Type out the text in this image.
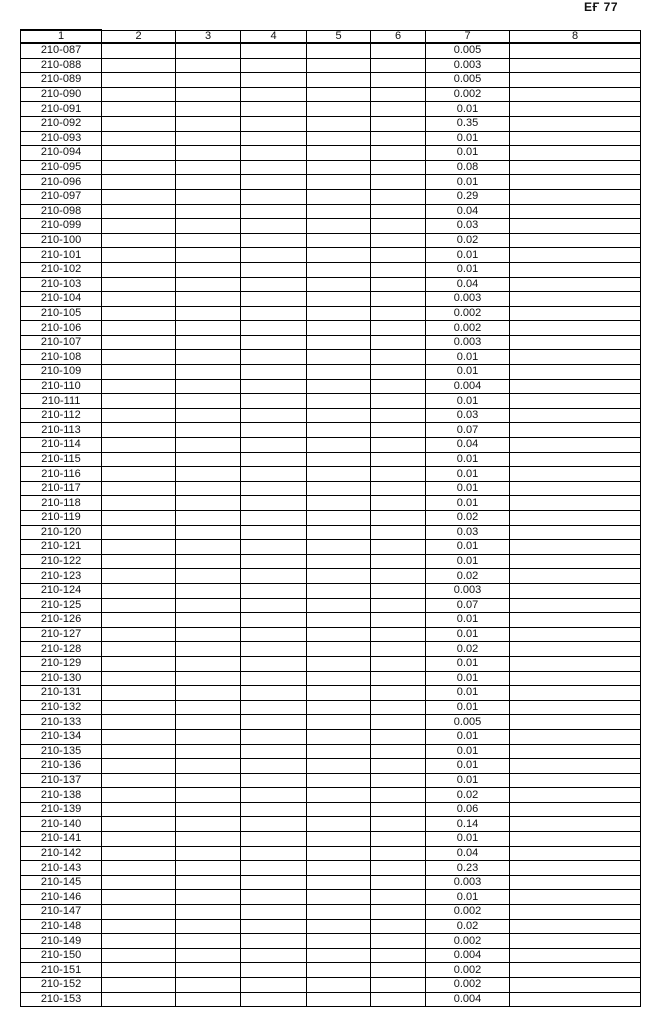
ЕҒ 77
1	2	3	4	5	6	7	8
210-087						0.005	
210-088						0.003	
210-089						0.005	
210-090						0.002	
210-091						0.01	
210-092						0.35	
210-093						0.01	
210-094						0.01	
210-095						0.08	
210-096						0.01	
210-097						0.29	
210-098						0.04	
210-099						0.03	
210-100						0.02	
210-101						0.01	
210-102						0.01	
210-103						0.04	
210-104						0.003	
210-105						0.002	
210-106						0.002	
210-107						0.003	
210-108						0.01	
210-109						0.01	
210-110						0.004	
210-111						0.01	
210-112						0.03	
210-113						0.07	
210-114						0.04	
210-115						0.01	
210-116						0.01	
210-117						0.01	
210-118						0.01	
210-119						0.02	
210-120						0.03	
210-121						0.01	
210-122						0.01	
210-123						0.02	
210-124						0.003	
210-125						0.07	
210-126						0.01	
210-127						0.01	
210-128						0.02	
210-129						0.01	
210-130						0.01	
210-131						0.01	
210-132						0.01	
210-133						0.005	
210-134						0.01	
210-135						0.01	
210-136						0.01	
210-137						0.01	
210-138						0.02	
210-139						0.06	
210-140						0.14	
210-141						0.01	
210-142						0.04	
210-143						0.23	
210-145						0.003	
210-146						0.01	
210-147						0.002	
210-148						0.02	
210-149						0.002	
210-150						0.004	
210-151						0.002	
210-152						0.002	
210-153						0.004	
